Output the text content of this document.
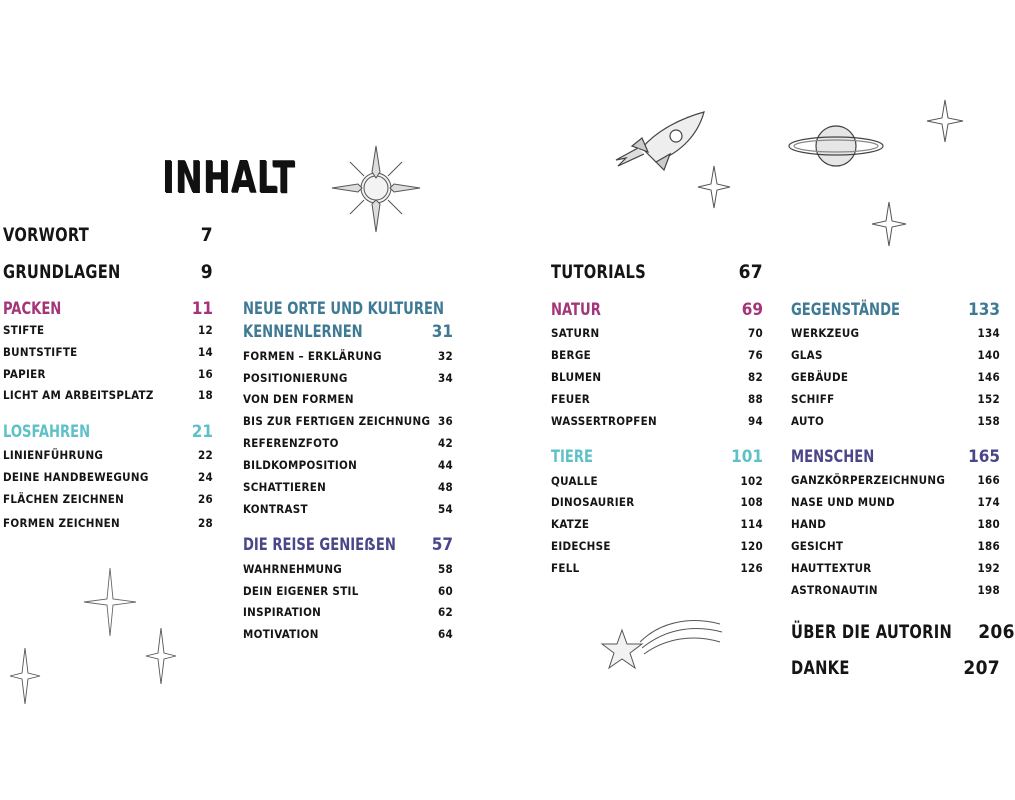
INHALT
VORWORT	7
GRUNDLAGEN	9
PACKEN	11
STIFTE	12
BUNTSTIFTE	14
PAPIER	16
LICHT AM ARBEITSPLATZ	18
LOSFAHREN	21
LINIENFÜHRUNG	22
DEINE HANDBEWEGUNG	24
FLÄCHEN ZEICHNEN	26
FORMEN ZEICHNEN	28
NEUE ORTE UND KULTUREN
KENNENLERNEN	31
FORMEN – ERKLÄRUNG	32
POSITIONIERUNG	34
VON DEN FORMEN
BIS ZUR FERTIGEN ZEICHNUNG 36
REFERENZFOTO	42
BILDKOMPOSITION	44
SCHATTIEREN	48
KONTRAST	54
DIE REISE GENIEẞEN 57
WAHRNEHMUNG	58
DEIN EIGENER STIL	60
INSPIRATION	62
MOTIVATION	64
TUTORIALS	67
NATUR	69
SATURN	70
BERGE	76
BLUMEN	82
FEUER	88
WASSERTROPFEN	94
TIERE	101
QUALLE	102
DINOSAURIER	108
KATZE	114
EIDECHSE	120
FELL	126
GEGENSTÄNDE	133
WERKZEUG	134
GLAS	140
GEBÄUDE	146
SCHIFF	152
AUTO	158
MENSCHEN	165
GANZKÖRPERZEICHNUNG	166
NASE UND MUND	174
HAND	180
GESICHT	186
HAUTTEXTUR	192
ASTRONAUTIN	198
ÜBER DIE AUTORIN 206
DANKE	207
